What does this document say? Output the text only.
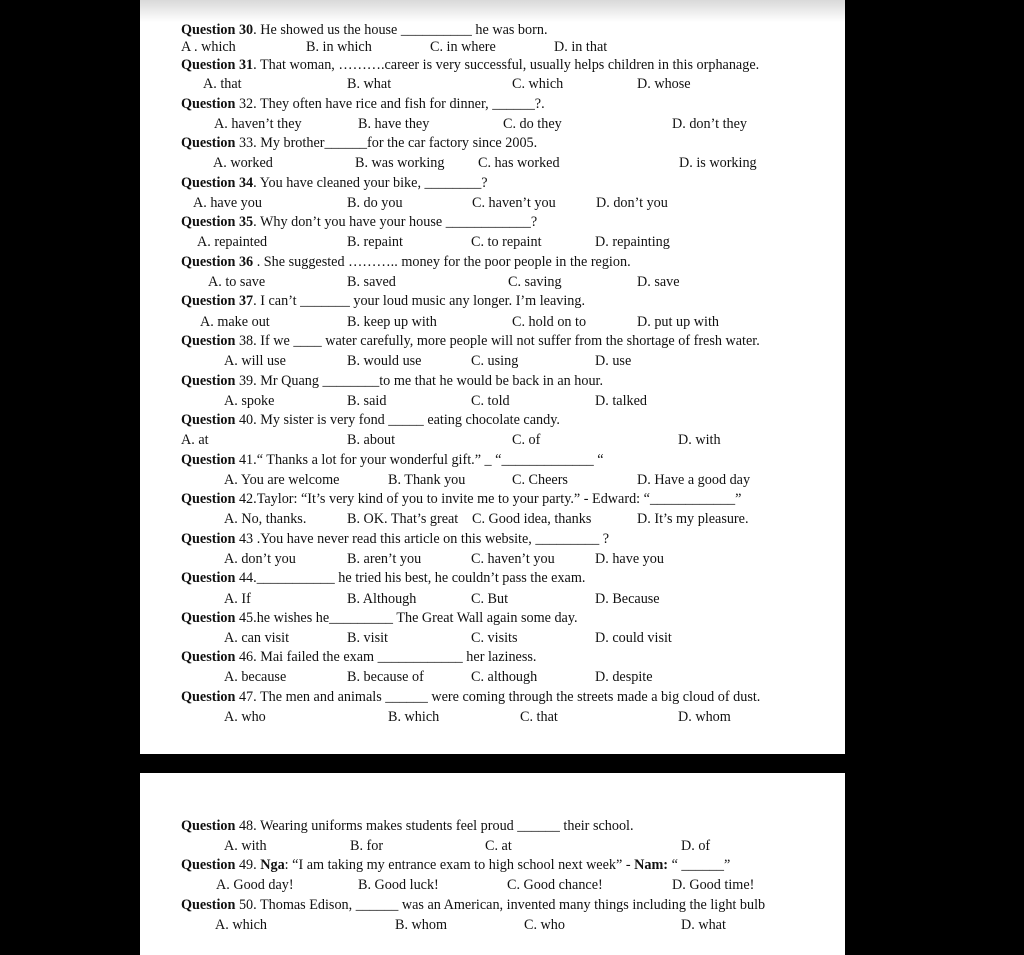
Question 30. He showed us the house __________ he was born.
A . which	B. in which	C. in where	D. in that
Question 31. That woman, ……….career is very successful, usually helps children in this orphanage.
A. that	B. what	C. which	D. whose
Question 32. They often have rice and fish for dinner, ______?.
A. haven’t they	B. have they	C. do they	D. don’t they
Question 33. My brother______for the car factory since 2005.
A. worked	B. was working C. has worked	D. is working
Question 34. You have cleaned your bike, ________?
A. have you	B. do you	C. haven’t you	D. don’t you
Question 35. Why don’t you have your house ____________?
A. repainted	B. repaint	C. to repaint	D. repainting
Question 36 . She suggested ……….. money for the poor people in the region.
A. to save	B. saved	C. saving	D. save
Question 37. I can’t _______ your loud music any longer. I’m leaving.
A. make out	B. keep up with	C. hold on to	D. put up with
Question 38. If we ____ water carefully, more people will not suffer from the shortage of fresh water.
A. will use	B. would use	C. using	D. use
Question 39. Mr Quang ________to me that he would be back in an hour.
A. spoke	B. said	C. told	D. talked
Question 40. My sister is very fond _____ eating chocolate candy.
A. at	B. about	C. of	D. with
Question 41.“ Thanks a lot for your wonderful gift.” _ “_____________ “
A. You are welcome	B. Thank you	C. Cheers	D. Have a good day
Question 42.Taylor: “It’s very kind of you to invite me to your party.” - Edward: “____________”
A. No, thanks.	B. OK. That’s great C. Good idea, thanks	D. It’s my pleasure.
Question 43 .You have never read this article on this website, _________ ?
A. don’t you	B. aren’t you	C. haven’t you	D. have you
Question 44.___________ he tried his best, he couldn’t pass the exam.
A. If	B. Although	C. But	D. Because
Question 45.he wishes he_________ The Great Wall again some day.
A. can visit	B. visit	C. visits	D. could visit
Question 46. Mai failed the exam ____________ her laziness.
A. because	B. because of	C. although	D. despite
Question 47. The men and animals ______ were coming through the streets made a big cloud of dust.
A. who	B. which	C. that	D. whom
Question 48. Wearing uniforms makes students feel proud ______ their school.
A. with	B. for	C. at	D. of
Question 49. Nga: “I am taking my entrance exam to high school next week” - Nam: “ ______”
A. Good day!	B. Good luck!	C. Good chance!	D. Good time!
Question 50. Thomas Edison, ______ was an American, invented many things including the light bulb
A. which	B. whom	C. who	D. what
